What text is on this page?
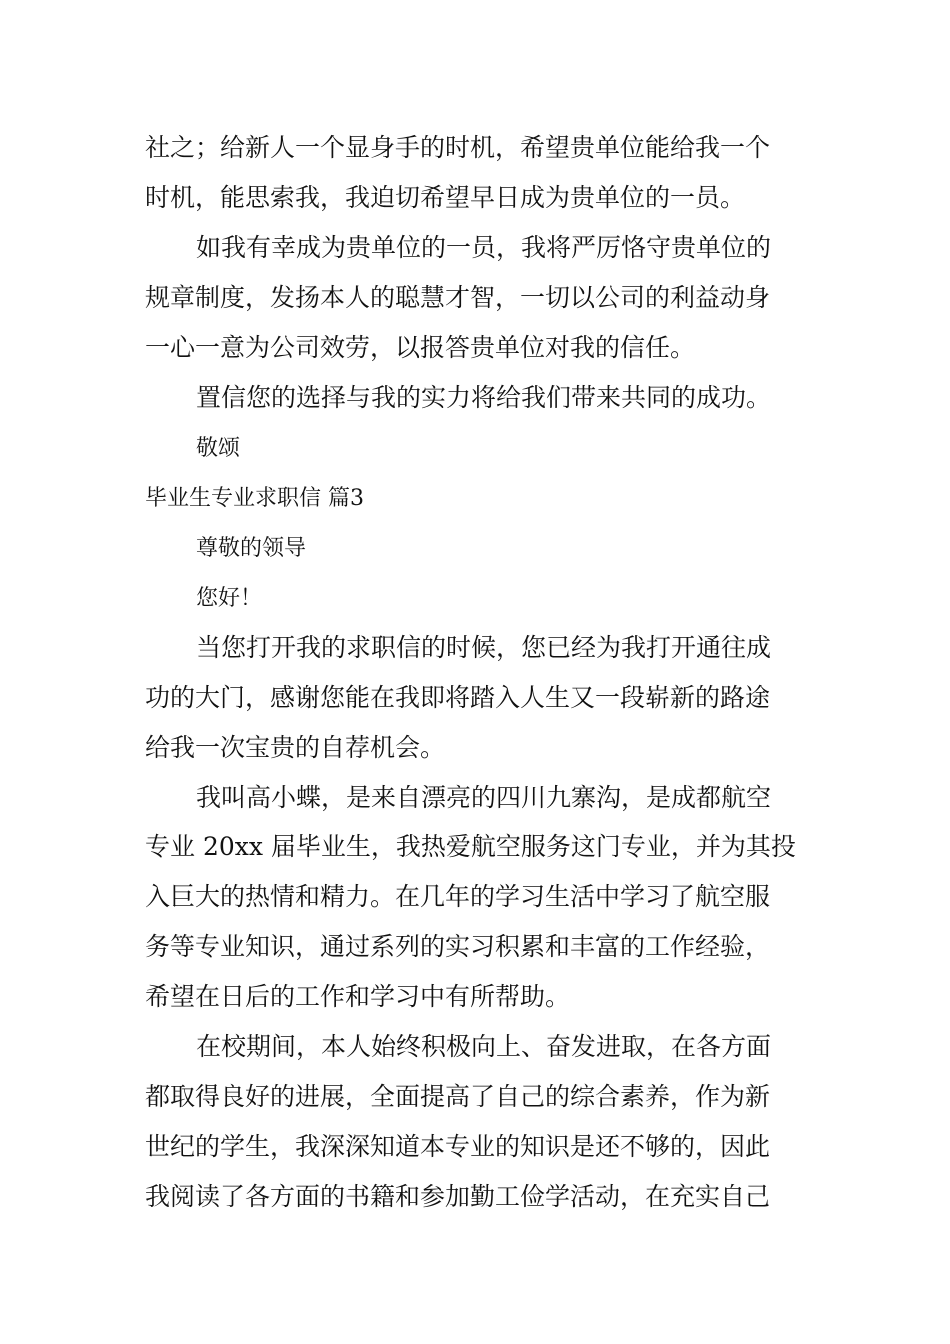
社之；给新人一个显身手的时机，希望贵单位能给我一个
时机，能思索我，我迫切希望早日成为贵单位的一员。
如我有幸成为贵单位的一员，我将严厉恪守贵单位的
规章制度，发扬本人的聪慧才智，一切以公司的利益动身
一心一意为公司效劳，以报答贵单位对我的信任。
置信您的选择与我的实力将给我们带来共同的成功。
敬颂
毕业生专业求职信 篇3
尊敬的领导
您好！
当您打开我的求职信的时候，您已经为我打开通往成
功的大门，感谢您能在我即将踏入人生又一段崭新的路途
给我一次宝贵的自荐机会。
我叫高小蝶，是来自漂亮的四川九寨沟，是成都航空
专业 20xx 届毕业生，我热爱航空服务这门专业，并为其投
入巨大的热情和精力。在几年的学习生活中学习了航空服
务等专业知识，通过系列的实习积累和丰富的工作经验，
希望在日后的工作和学习中有所帮助。
在校期间，本人始终积极向上、奋发进取，在各方面
都取得良好的进展，全面提高了自己的综合素养，作为新
世纪的学生，我深深知道本专业的知识是还不够的，因此
我阅读了各方面的书籍和参加勤工俭学活动，在充实自己
